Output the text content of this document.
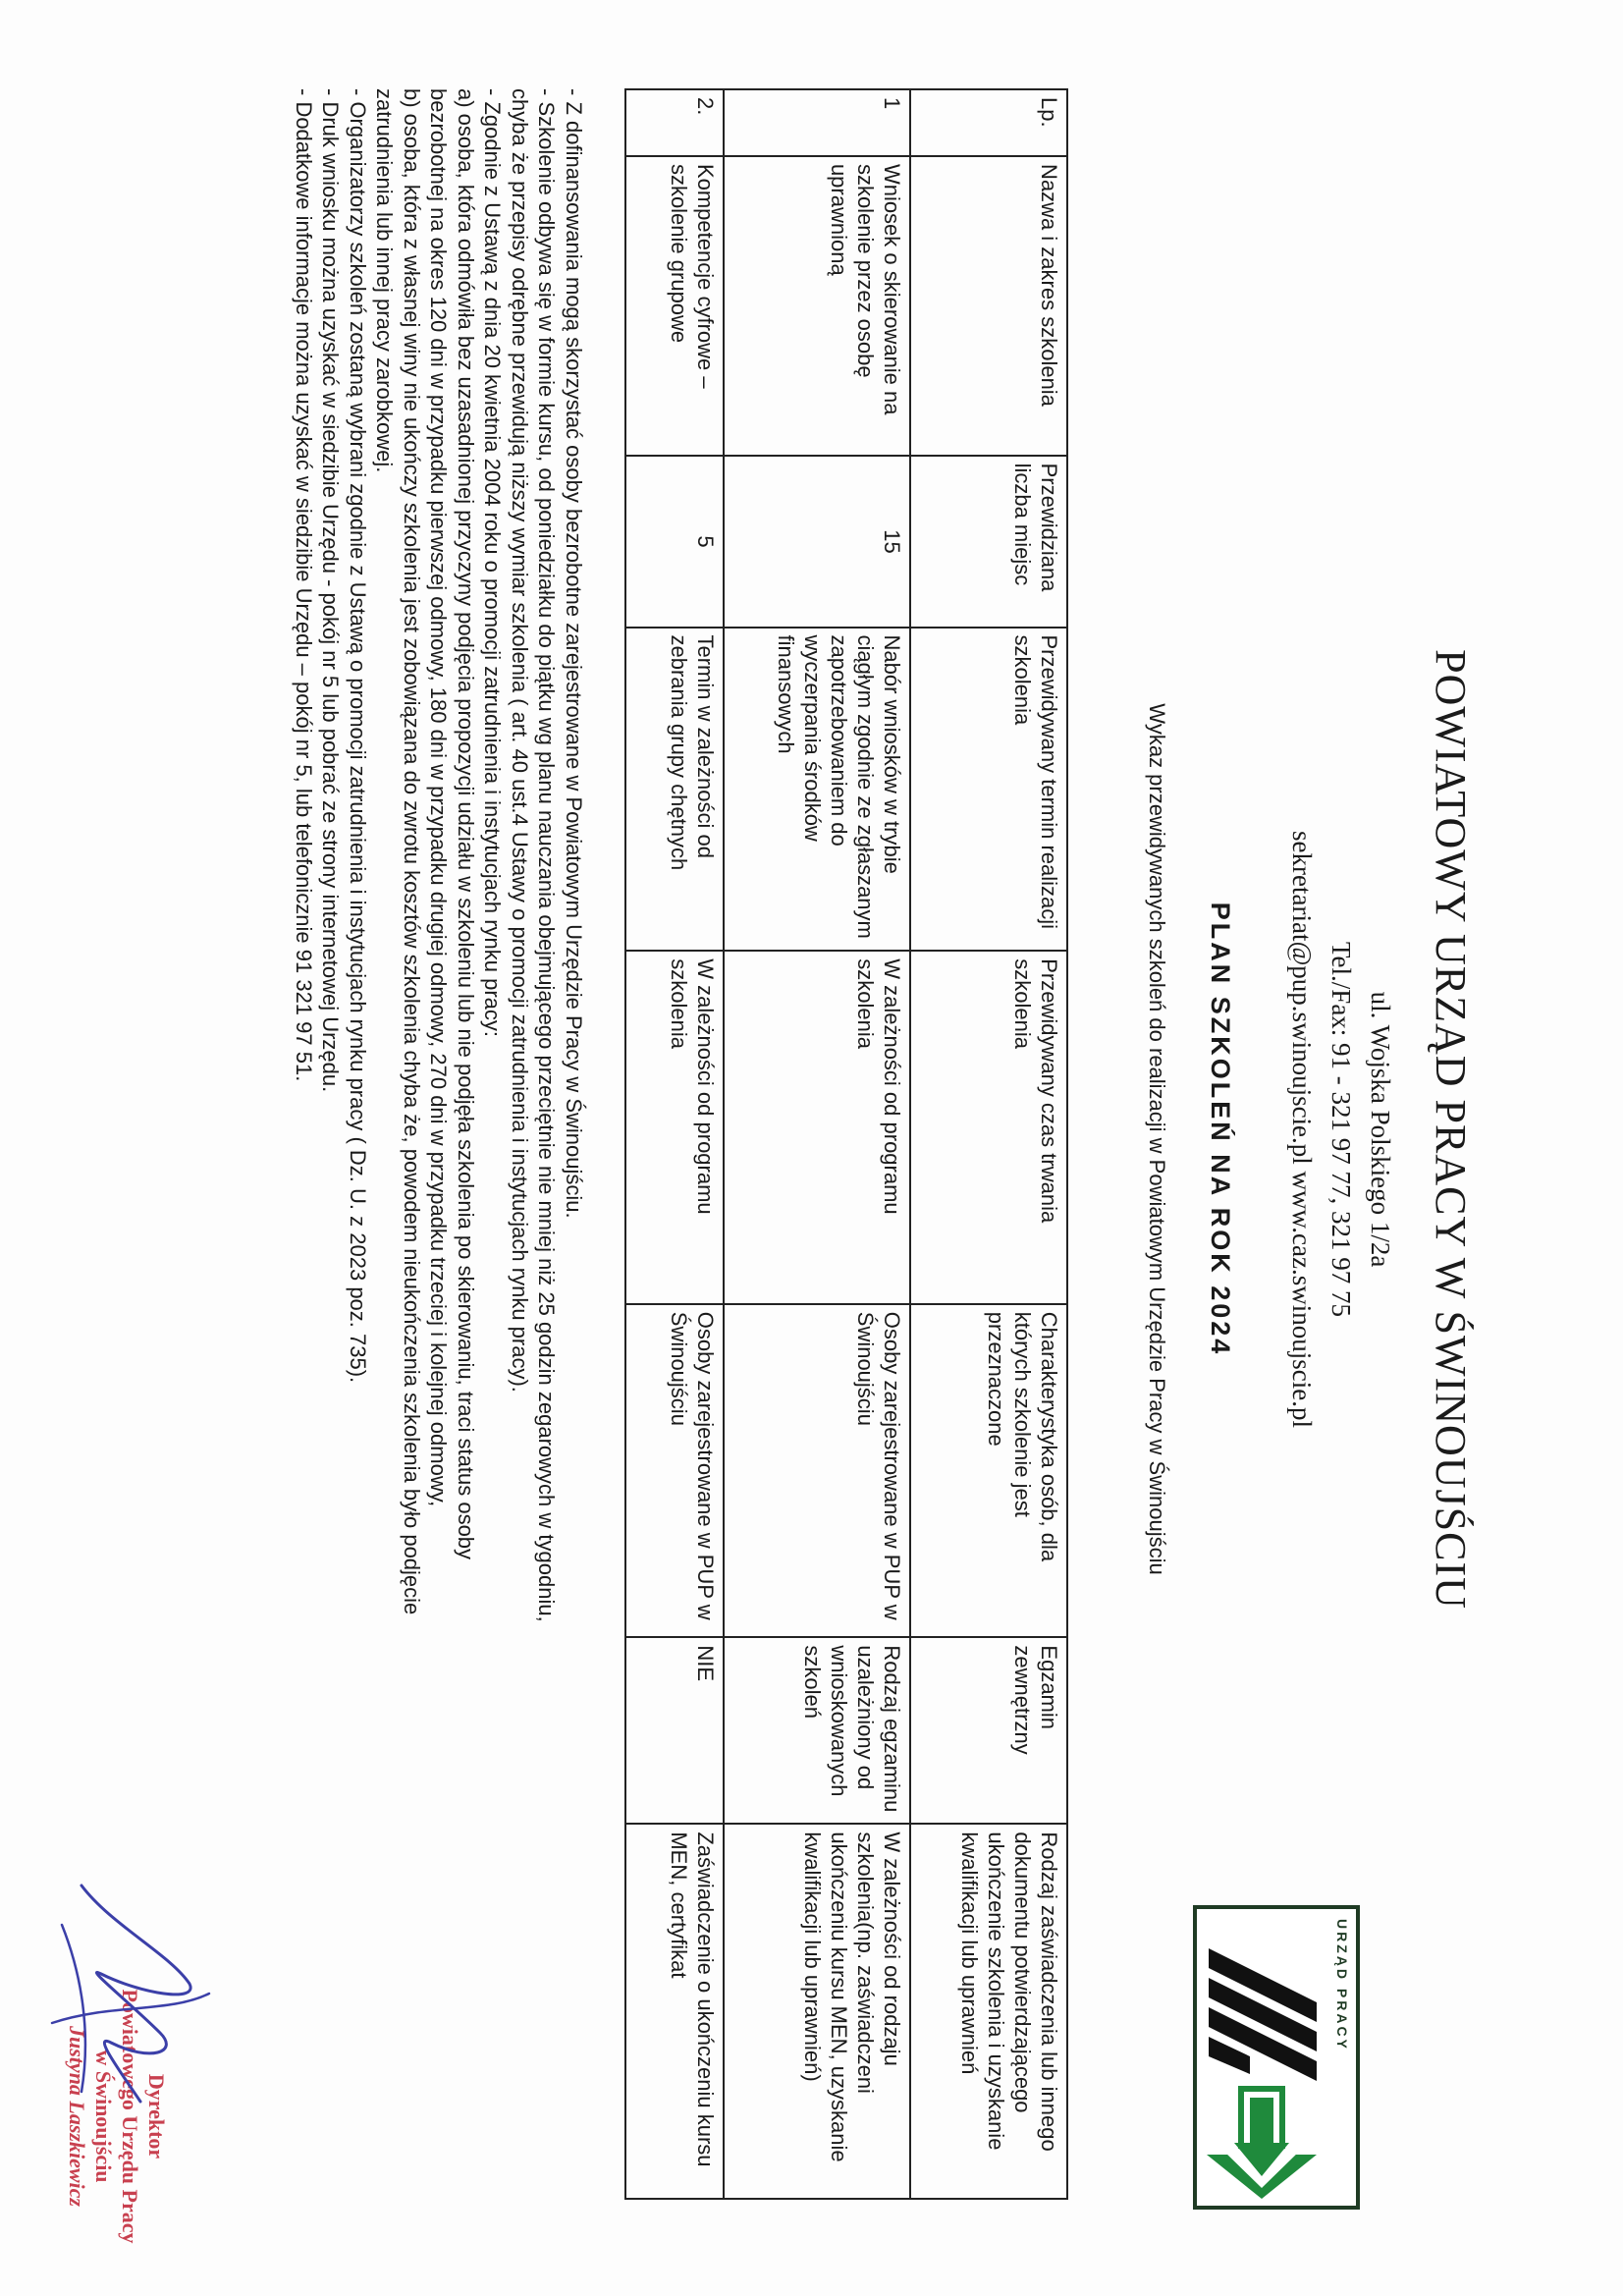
POWIATOWY URZĄD PRACY W ŚWINOUJŚCIU
ul. Wojska Polskiego 1/2a
Tel./Fax: 91 - 321 97 77, 321 97 75
sekretariat@pup.swinoujscie.pl www.caz.swinoujscie.pl
URZĄD PRACY
PLAN SZKOLEŃ NA ROK 2024
Wykaz przewidywanych szkoleń do realizacji w Powiatowym Urzędzie Pracy w Świnoujściu
Lp.	Nazwa i zakres szkolenia	Przewidziana liczba miejsc	Przewidywany termin realizacji szkolenia	Przewidywany czas trwania szkolenia	Charakterystyka osób, dla których szkolenie jest przeznaczone	Egzamin zewnętrzny	Rodzaj zaświadczenia lub innego dokumentu potwierdzającego ukończenie szkolenia i uzyskanie kwalifikacji lub uprawnień
1	Wniosek o skierowanie na szkolenie przez osobę uprawnioną	15	Nabór wniosków w trybie ciągłym zgodnie ze zgłaszanym zapotrzebowaniem do wyczerpania środków finansowych	W zależności od programu szkolenia	Osoby zarejestrowane w PUP w Świnoujściu	Rodzaj egzaminu uzależniony od wnioskowanych szkoleń	W zależności od rodzaju szkolenia(np. zaświadczeni ukończeniu kursu MEN, uzyskanie kwalifikacji lub uprawnień)
2.	Kompetencje cyfrowe – szkolenie grupowe	5	Termin w zależności od zebrania grupy chętnych	W zależności od programu szkolenia	Osoby zarejestrowane w PUP w Świnoujściu	NIE	Zaświadczenie o ukończeniu kursu MEN, certyfikat
- Z dofinansowania mogą skorzystać osoby bezrobotne zarejestrowane w Powiatowym Urzędzie Pracy w Świnoujściu.
- Szkolenie odbywa się w formie kursu, od poniedziałku do piątku wg planu nauczania obejmującego przeciętnie nie mniej niż 25 godzin zegarowych w tygodniu,
chyba że przepisy odrębne przewidują niższy wymiar szkolenia ( art. 40 ust.4 Ustawy o promocji zatrudnienia i instytucjach rynku pracy).
- Zgodnie z Ustawą z dnia 20 kwietnia 2004 roku o promocji zatrudnienia i instytucjach rynku pracy:
a) osoba, która odmówiła bez uzasadnionej przyczyny podjęcia propozycji udziału w szkoleniu lub nie podjęła szkolenia po skierowaniu, traci status osoby
bezrobotnej na okres 120 dni w przypadku pierwszej odmowy, 180 dni w przypadku drugiej odmowy, 270 dni w przypadku trzeciej i kolejnej odmowy,
b) osoba, która z własnej winy nie ukończy szkolenia jest zobowiązana do zwrotu kosztów szkolenia chyba że, powodem nieukończenia szkolenia było podjęcie
zatrudnienia lub innej pracy zarobkowej.
- Organizatorzy szkoleń zostaną wybrani zgodnie z Ustawą o promocji zatrudnienia i instytucjach rynku pracy ( Dz. U. z 2023 poz. 735).
- Druk wniosku można uzyskać w siedzibie Urzędu - pokój nr 5 lub pobrać ze strony internetowej Urzędu.
- Dodatkowe informacje można uzyskać w siedzibie Urzędu – pokój nr 5, lub telefonicznie 91 321 97 51.
Dyrektor
Powiatowego Urzędu Pracy
w Świnoujściu
Justyna Laszkiewicz
